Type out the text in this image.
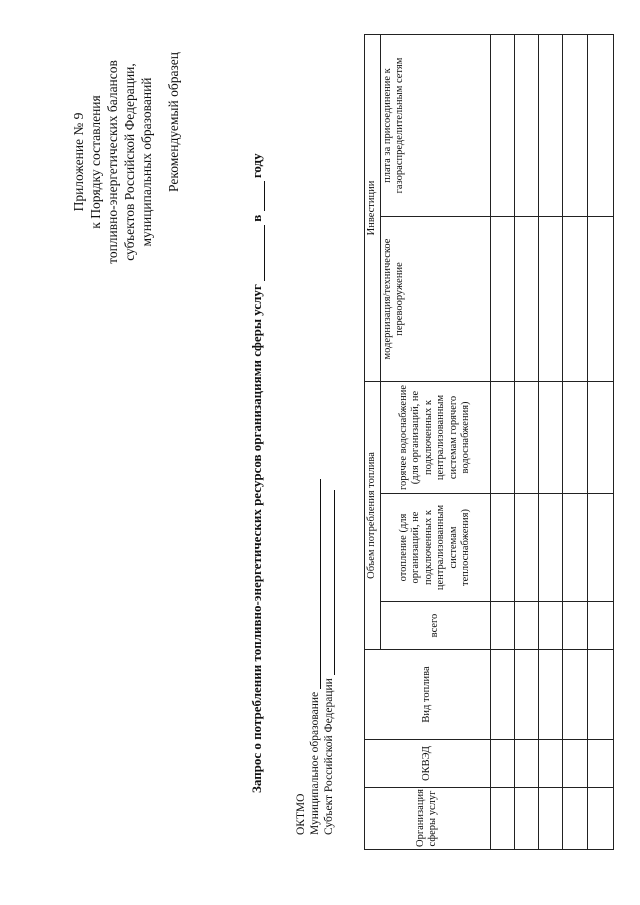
Приложение № 9 к Порядку составления топливно-энергетических балансов субъектов Российской Федерации, муниципальных образований Рекомендуемый образец
Запрос о потреблении топливно-энергетических ресурсов организациями сферы услуг  в  году
ОКТМО Муниципальное образование Субъект Российской Федерации	Организация сферы услуг	ОКВЭД	Вид топлива	Объем потребления топлива			Инвестиции	
			всего	отопление (для организаций, не подключенных к централизованным системам теплоснабжения)	горячее водоснабжение (для организаций, не подключенных к централизованным системам горячего водоснабжения)	модернизация/техническое перевооружение	плата за присоединение к газораспределительным сетям
